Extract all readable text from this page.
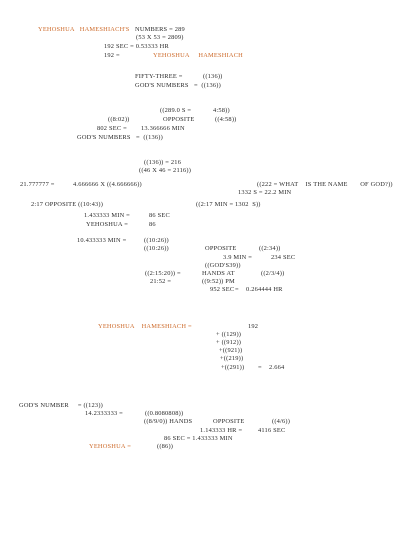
YEHOSHUA   HAMESHIACH'S NUMBERS = 289
(53 X 53 = 2809)
192 SEC = 0.53333 HR
192 =	YEHOSHUA     HAMESHIACH
FIFTY-THREE =	((136))
GOD'S NUMBERS   =  ((136))
((289.0 S =	4:58))
((8:02))	OPPOSITE	((4:58))
802 SEC = 13.366666 MIN
GOD'S NUMBERS   =  ((136))
((136)) = 216
((46 X 46 = 2116))
21.777777 =	4.666666 X ((4.666666))	((222 = WHAT    IS THE NAME       OF GOD?))
1332 S = 22.2 MIN
2:17 OPPOSITE ((10:43))	((2:17 MIN = 1302  S))
1.433333 MIN =	86 SEC
YEHOSHUA =	86
10.433333 MIN =	((10:26))
((10:26))	OPPOSITE	((2:34))
3.9 MIN =	234 SEC
((GOD'S39))
((2:15:20)) =	HANDS AT	((2/3/4))
21:52 =	((9:52)) PM
952 SEC =    0.264444 HR
YEHOSHUA    HAMESHIACH =	192
+ ((129))
+ ((912))
+((921))
+((219))
+((291)) =    2.664
GOD'S NUMBER     = ((123))
14.2333333 =	((0.8080808))
((8/9/0)) HANDS	OPPOSITE	((4/6))
1.143333 HR = 4116 SEC
86 SEC = 1.433333 MIN
YEHOSHUA =	((86))
